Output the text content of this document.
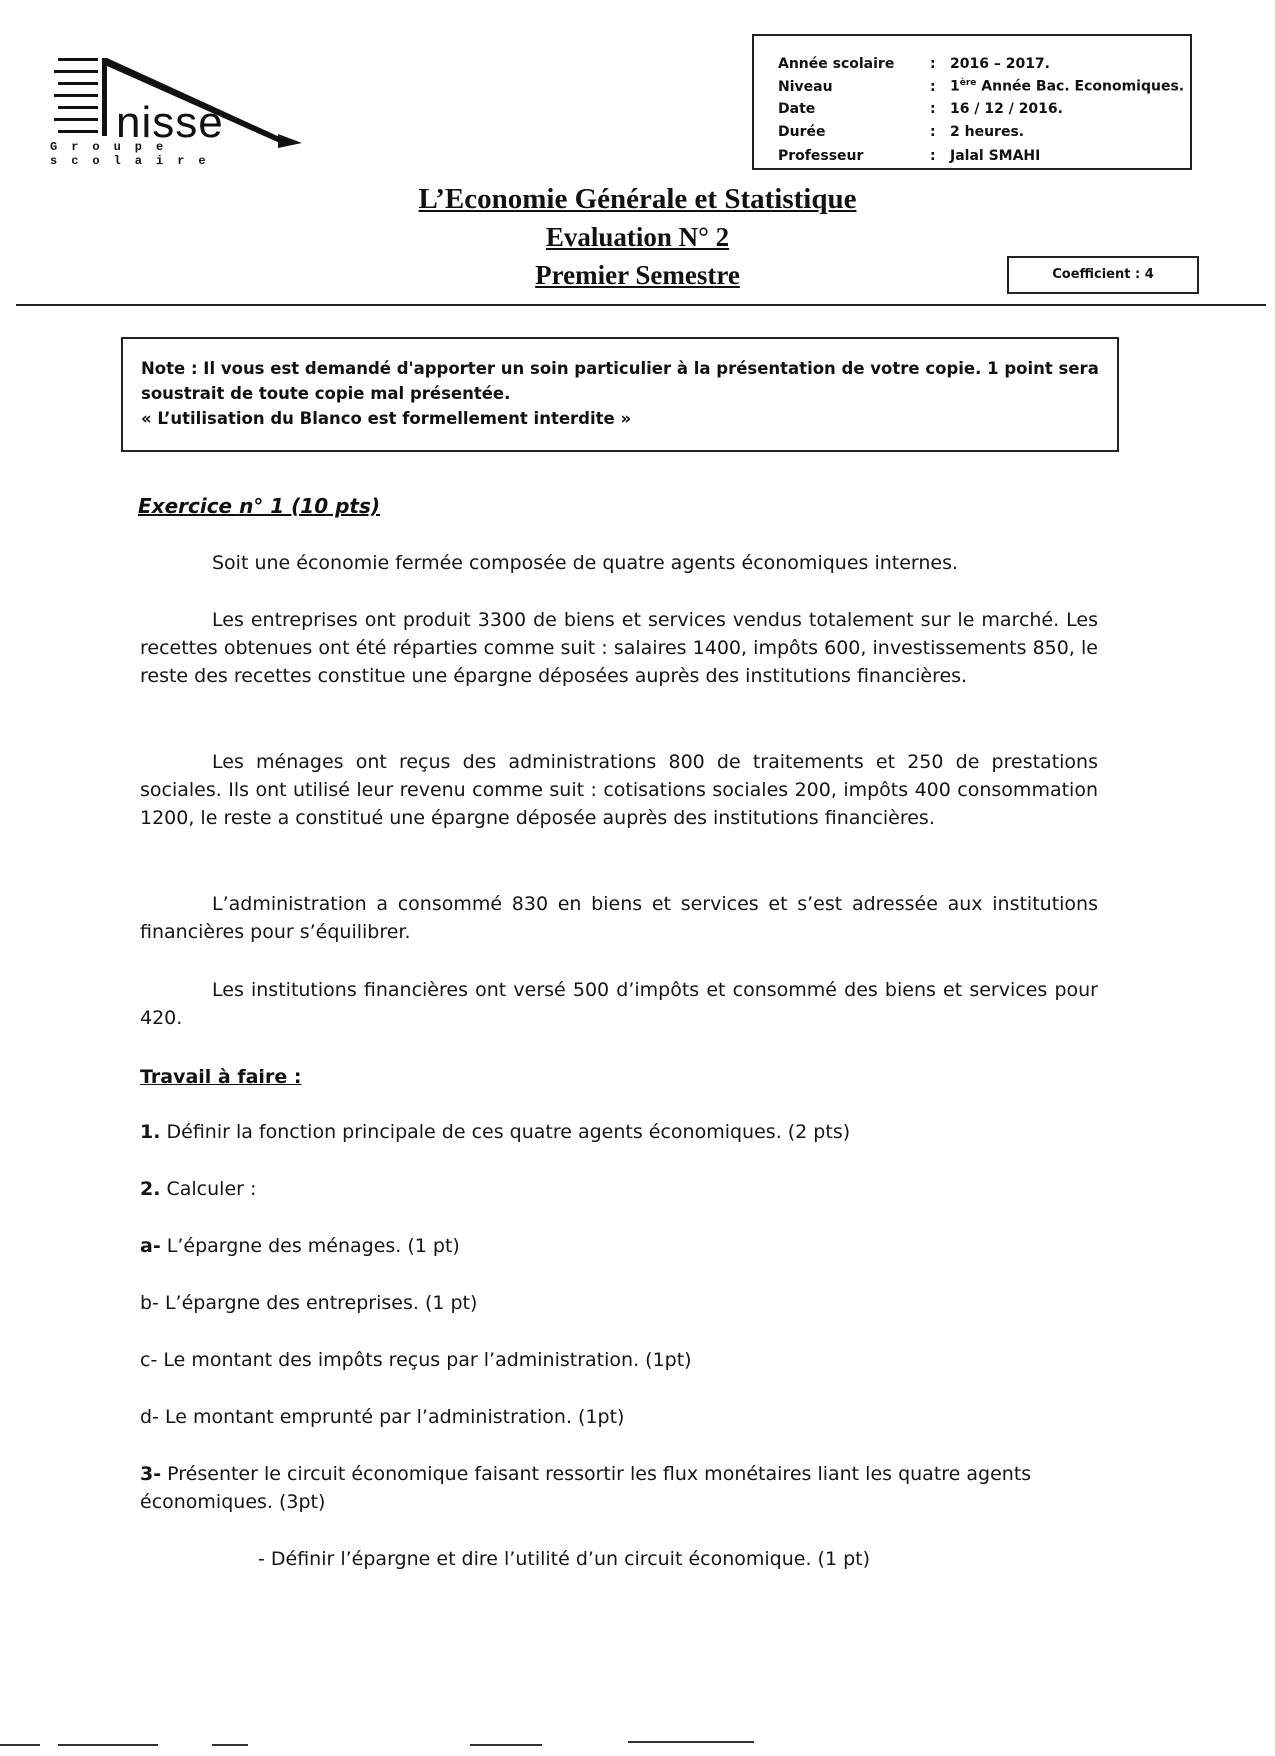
nisse
Groupe scolaire
Année scolaire	: 2016 – 2017.
Niveau	: 1ère Année Bac. Economiques.
Date	: 16 / 12 / 2016.
Durée	: 2 heures.
Professeur	: Jalal SMAHI
L’Economie Générale et Statistique
Evaluation N° 2
Premier Semestre	Coefficient : 4
Note : Il vous est demandé d'apporter un soin particulier à la présentation de votre copie. 1 point sera soustrait de toute copie mal présentée.
« L’utilisation du Blanco est formellement interdite »
Exercice n° 1 (10 pts)
Soit une économie fermée composée de quatre agents économiques internes.
Les entreprises ont produit 3300 de biens et services vendus totalement sur le marché. Les recettes obtenues ont été réparties comme suit : salaires 1400, impôts 600, investissements 850, le reste des recettes constitue une épargne déposées auprès des institutions financières.
Les ménages ont reçus des administrations 800 de traitements et 250 de prestations sociales. Ils ont utilisé leur revenu comme suit : cotisations sociales 200, impôts 400 consommation 1200, le reste a constitué une épargne déposée auprès des institutions financières.
L’administration a consommé 830 en biens et services et s’est adressée aux institutions financières pour s’équilibrer.
Les institutions financières ont versé 500 d’impôts et consommé des biens et services pour 420.
Travail à faire :
1. Définir la fonction principale de ces quatre agents économiques. (2 pts)
2. Calculer :
a- L’épargne des ménages. (1 pt)
b- L’épargne des entreprises. (1 pt)
c- Le montant des impôts reçus par l’administration. (1pt)
d- Le montant emprunté par l’administration. (1pt)
3- Présenter le circuit économique faisant ressortir les flux monétaires liant les quatre agents économiques. (3pt)
- Définir l’épargne et dire l’utilité d’un circuit économique. (1 pt)
